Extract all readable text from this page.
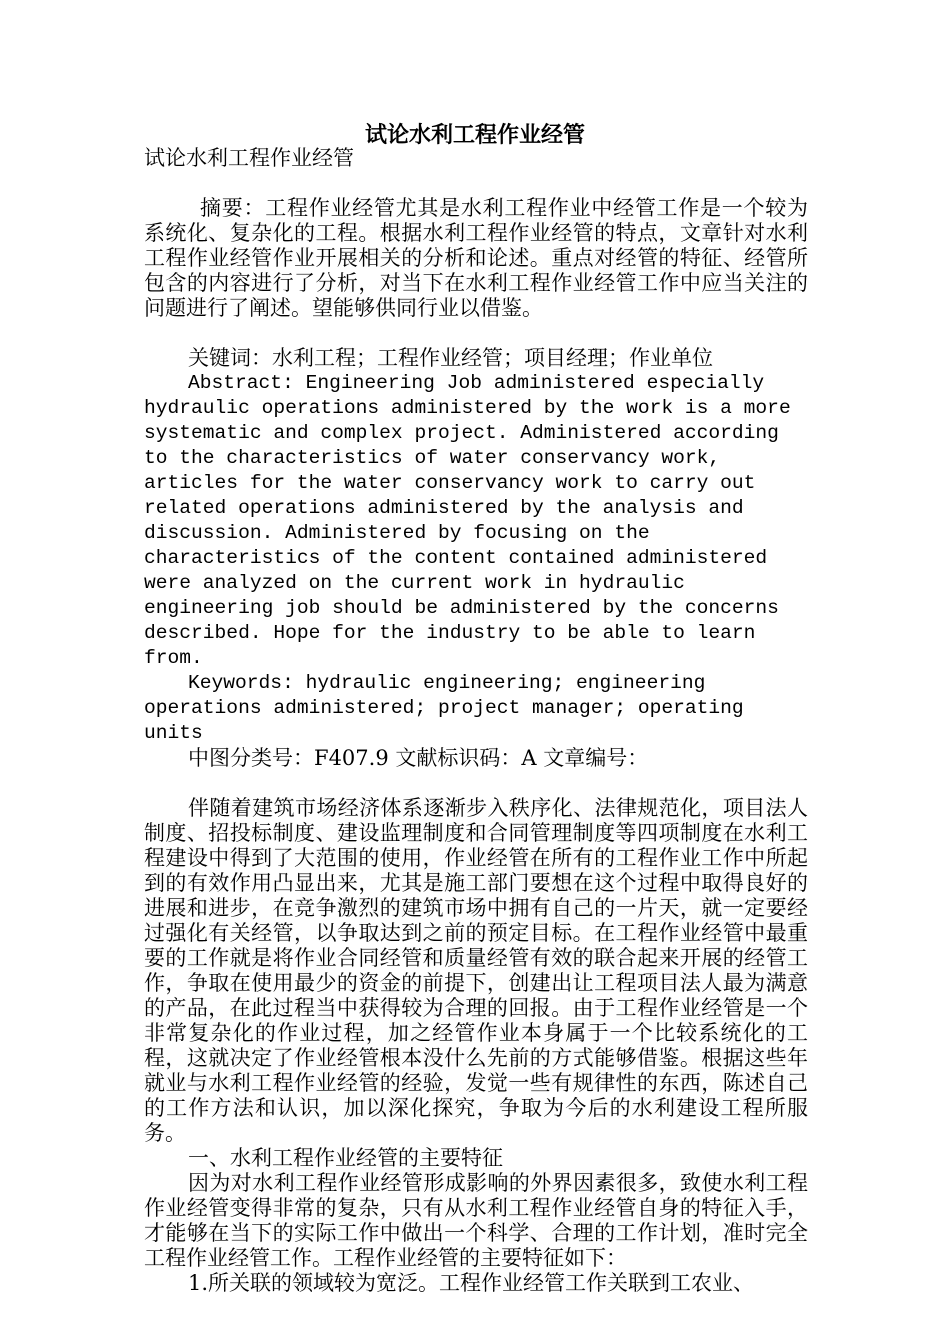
试论水利工程作业经管

试论水利工程作业经管

摘要：工程作业经管尤其是水利工程作业中经管工作是一个较为系统化、复杂化的工程。根据水利工程作业经管的特点，文章针对水利工程作业经管作业开展相关的分析和论述。重点对经管的特征、经管所包含的内容进行了分析，对当下在水利工程作业经管工作中应当关注的问题进行了阐述。望能够供同行业以借鉴。

关键词：水利工程；工程作业经管；项目经理；作业单位

Abstract: Engineering Job administered especially hydraulic operations administered by the work is a more systematic and complex project. Administered according to the characteristics of water conservancy work, articles for the water conservancy work to carry out related operations administered by the analysis and discussion. Administered by focusing on the characteristics of the content contained administered were analyzed on the current work in hydraulic engineering job should be administered by the concerns described. Hope for the industry to be able to learn from.

Keywords: hydraulic engineering; engineering operations administered; project manager; operating units

中图分类号：F407.9 文献标识码：A 文章编号：

伴随着建筑市场经济体系逐渐步入秩序化、法律规范化，项目法人制度、招投标制度、建设监理制度和合同管理制度等四项制度在水利工程建设中得到了大范围的使用，作业经管在所有的工程作业工作中所起到的有效作用凸显出来，尤其是施工部门要想在这个过程中取得良好的进展和进步，在竞争激烈的建筑市场中拥有自己的一片天，就一定要经过强化有关经管，以争取达到之前的预定目标。在工程作业经管中最重要的工作就是将作业合同经管和质量经管有效的联合起来开展的经管工作，争取在使用最少的资金的前提下，创建出让工程项目法人最为满意的产品，在此过程当中获得较为合理的回报。由于工程作业经管是一个非常复杂化的作业过程，加之经管作业本身属于一个比较系统化的工程，这就决定了作业经管根本没什么先前的方式能够借鉴。根据这些年就业与水利工程作业经管的经验，发觉一些有规律性的东西，陈述自己的工作方法和认识，加以深化探究，争取为今后的水利建设工程所服务。

一、水利工程作业经管的主要特征

因为对水利工程作业经管形成影响的外界因素很多，致使水利工程作业经管变得非常的复杂，只有从水利工程作业经管自身的特征入手，才能够在当下的实际工作中做出一个科学、合理的工作计划，准时完全工程作业经管工作。工程作业经管的主要特征如下：

1.所关联的领域较为宽泛。工程作业经管工作关联到工农业、
